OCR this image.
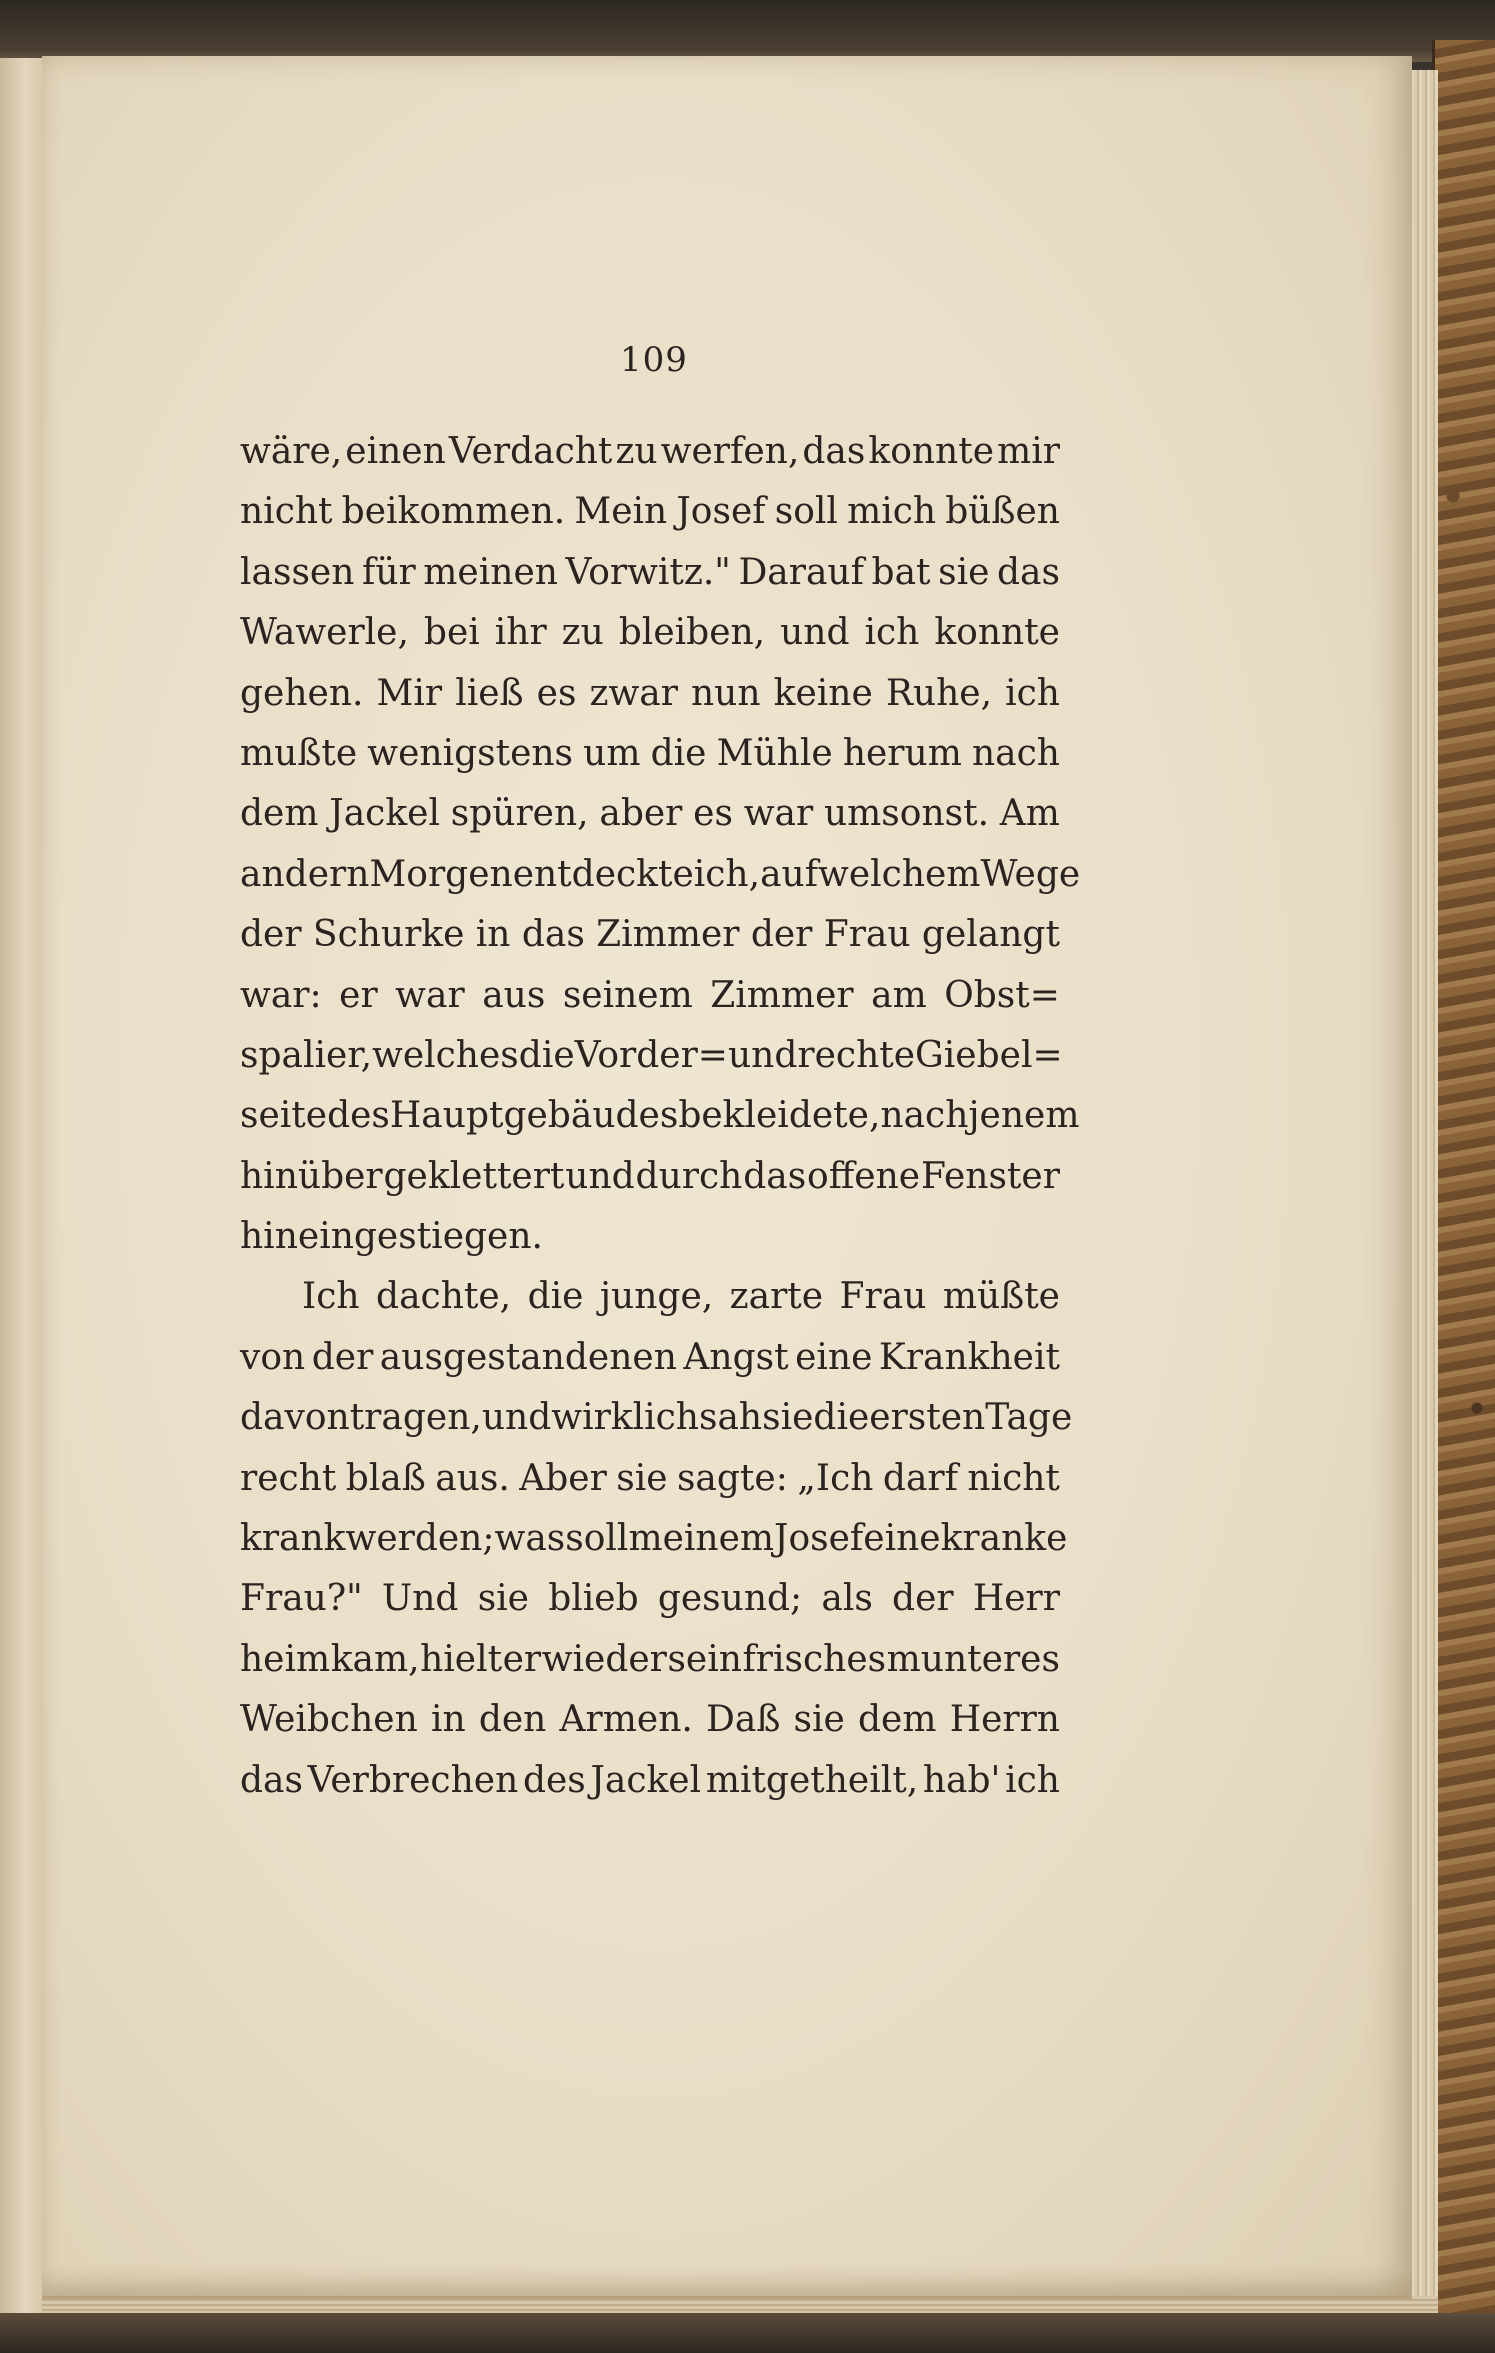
109
wäre, einen Verdacht zu werfen, das konnte mir
nicht beikommen. Mein Josef soll mich büßen
lassen für meinen Vorwitz." Darauf bat sie das
Wawerle, bei ihr zu bleiben, und ich konnte
gehen. Mir ließ es zwar nun keine Ruhe, ich
mußte wenigstens um die Mühle herum nach
dem Jackel spüren, aber es war umsonst. Am
andern Morgen entdeckte ich, auf welchem Wege
der Schurke in das Zimmer der Frau gelangt
war: er war aus seinem Zimmer am Obst=
spalier, welches die Vorder= und rechte Giebel=
seite des Hauptgebäudes bekleidete, nach jenem
hinüber geklettert und durch das offene Fenster
hineingestiegen.
Ich dachte, die junge, zarte Frau müßte
von der ausgestandenen Angst eine Krankheit
davontragen, und wirklich sah sie die ersten Tage
recht blaß aus. Aber sie sagte: „Ich darf nicht
krank werden; was soll meinem Josef eine kranke
Frau?" Und sie blieb gesund; als der Herr
heim kam, hielt er wieder sein frisches munteres
Weibchen in den Armen. Daß sie dem Herrn
das Verbrechen des Jackel mitgetheilt, hab' ich
